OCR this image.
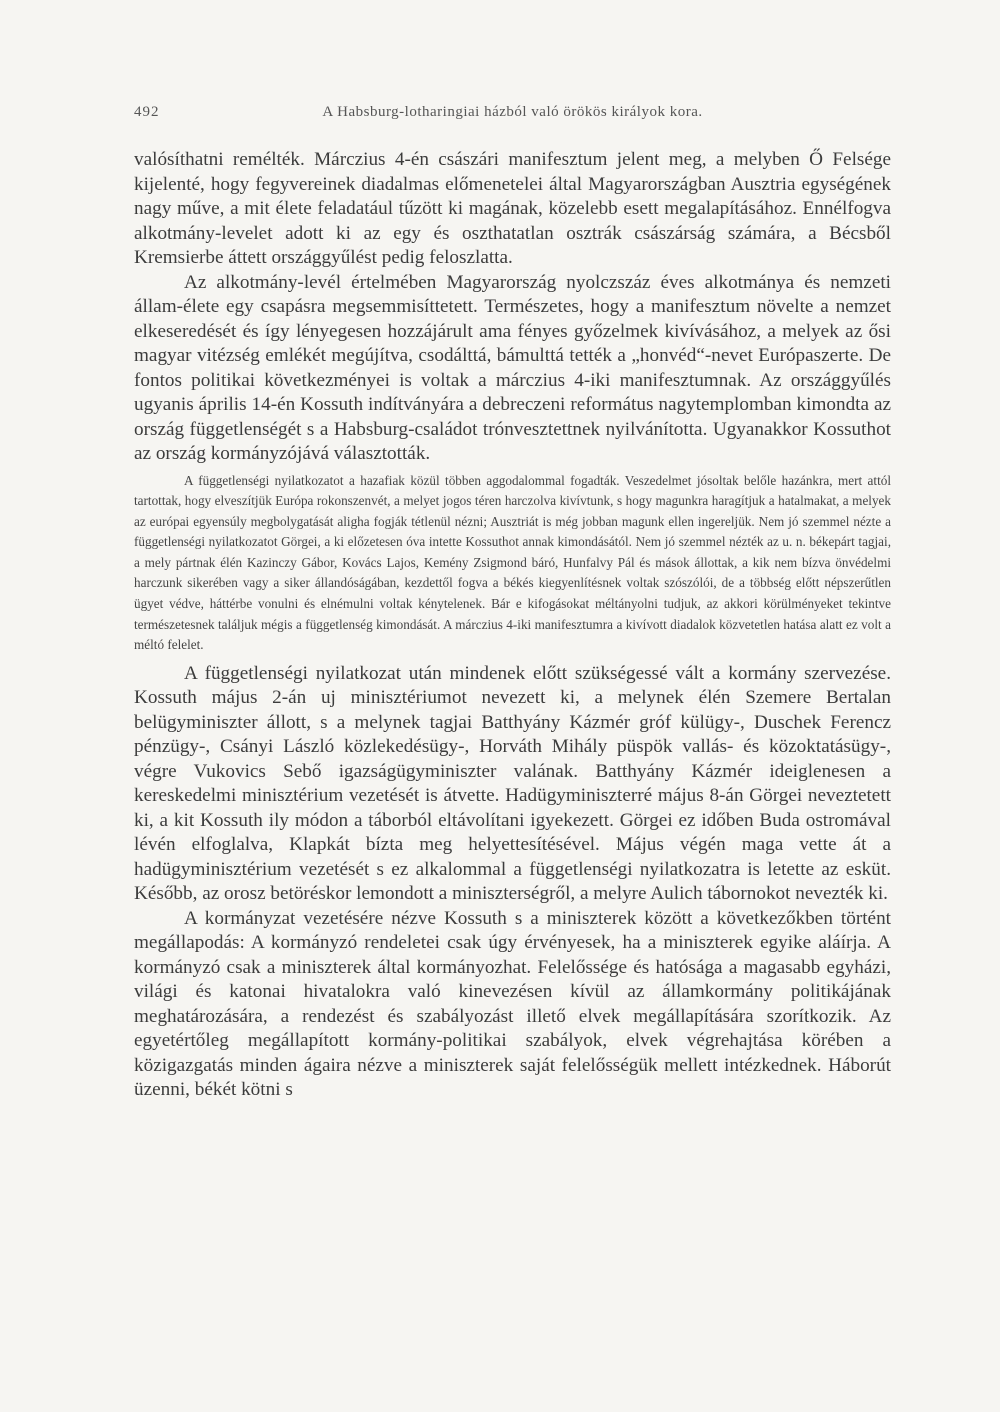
492	A Habsburg-lotharingiai házból való örökös királyok kora.

valósíthatni remélték. Márczius 4-én császári manifesztum jelent meg, a melyben Ő Felsége kijelenté, hogy fegyvereinek diadalmas előmenetelei által Magyarországban Ausztria egységének nagy műve, a mit élete feladatául tűzött ki magának, közelebb esett megalapításához. Ennélfogva alkotmány-levelet adott ki az egy és oszthatatlan osztrák császárság számára, a Bécsből Kremsierbe áttett országgyűlést pedig feloszlatta.

Az alkotmány-levél értelmében Magyarország nyolczszáz éves alkotmánya és nemzeti állam-élete egy csapásra megsemmisíttetett. Természetes, hogy a manifesztum növelte a nemzet elkeseredését és így lényegesen hozzájárult ama fényes győzelmek kivívásához, a melyek az ősi magyar vitézség emlékét megújítva, csodálttá, bámulttá tették a „honvéd“-nevet Európaszerte. De fontos politikai következményei is voltak a márczius 4-iki manifesztumnak. Az országgyűlés ugyanis április 14-én Kossuth indítványára a debreczeni református nagytemplomban kimondta az ország függetlenségét s a Habsburg-családot trónvesztettnek nyilvánította. Ugyanakkor Kossuthot az ország kormányzójává választották.

A függetlenségi nyilatkozatot a hazafiak közül többen aggodalommal fogadták. Veszedelmet jósoltak belőle hazánkra, mert attól tartottak, hogy elveszítjük Európa rokonszenvét, a melyet jogos téren harczolva kivívtunk, s hogy magunkra haragítjuk a hatalmakat, a melyek az európai egyensúly megbolygatását aligha fogják tétlenül nézni; Ausztriát is még jobban magunk ellen ingereljük. Nem jó szemmel nézte a függetlenségi nyilatkozatot Görgei, a ki előzetesen óva intette Kossuthot annak kimondásától. Nem jó szemmel nézték az u. n. békepárt tagjai, a mely pártnak élén Kazinczy Gábor, Kovács Lajos, Kemény Zsigmond báró, Hunfalvy Pál és mások állottak, a kik nem bízva önvédelmi harczunk sikerében vagy a siker állandóságában, kezdettől fogva a békés kiegyenlítésnek voltak szószólói, de a többség előtt népszerűtlen ügyet védve, háttérbe vonulni és elnémulni voltak kénytelenek. Bár e kifogásokat méltányolni tudjuk, az akkori körülményeket tekintve természetesnek találjuk mégis a függetlenség kimondását. A márczius 4-iki manifesztumra a kivívott diadalok közvetetlen hatása alatt ez volt a méltó felelet.

A függetlenségi nyilatkozat után mindenek előtt szükségessé vált a kormány szervezése. Kossuth május 2-án uj minisztériumot nevezett ki, a melynek élén Szemere Bertalan belügyminiszter állott, s a melynek tagjai Batthyány Kázmér gróf külügy-, Duschek Ferencz pénzügy-, Csányi László közlekedésügy-, Horváth Mihály püspök vallás- és közoktatásügy-, végre Vukovics Sebő igazságügyminiszter valának. Batthyány Kázmér ideiglenesen a kereskedelmi minisztérium vezetését is átvette. Hadügyminiszterré május 8-án Görgei neveztetett ki, a kit Kossuth ily módon a táborból eltávolítani igyekezett. Görgei ez időben Buda ostromával lévén elfoglalva, Klapkát bízta meg helyettesítésével. Május végén maga vette át a hadügyminisztérium vezetését s ez alkalommal a függetlenségi nyilatkozatra is letette az esküt. Később, az orosz betöréskor lemondott a miniszterségről, a melyre Aulich tábornokot nevezték ki.

A kormányzat vezetésére nézve Kossuth s a miniszterek között a következőkben történt megállapodás: A kormányzó rendeletei csak úgy érvényesek, ha a miniszterek egyike aláírja. A kormányzó csak a miniszterek által kormányozhat. Felelőssége és hatósága a magasabb egyházi, világi és katonai hivatalokra való kinevezésen kívül az államkormány politikájának meghatározására, a rendezést és szabályozást illető elvek megállapítására szorítkozik. Az egyetértőleg megállapított kormány-politikai szabályok, elvek végrehajtása körében a közigazgatás minden ágaira nézve a miniszterek saját felelősségük mellett intézkednek. Háborút üzenni, békét kötni s
